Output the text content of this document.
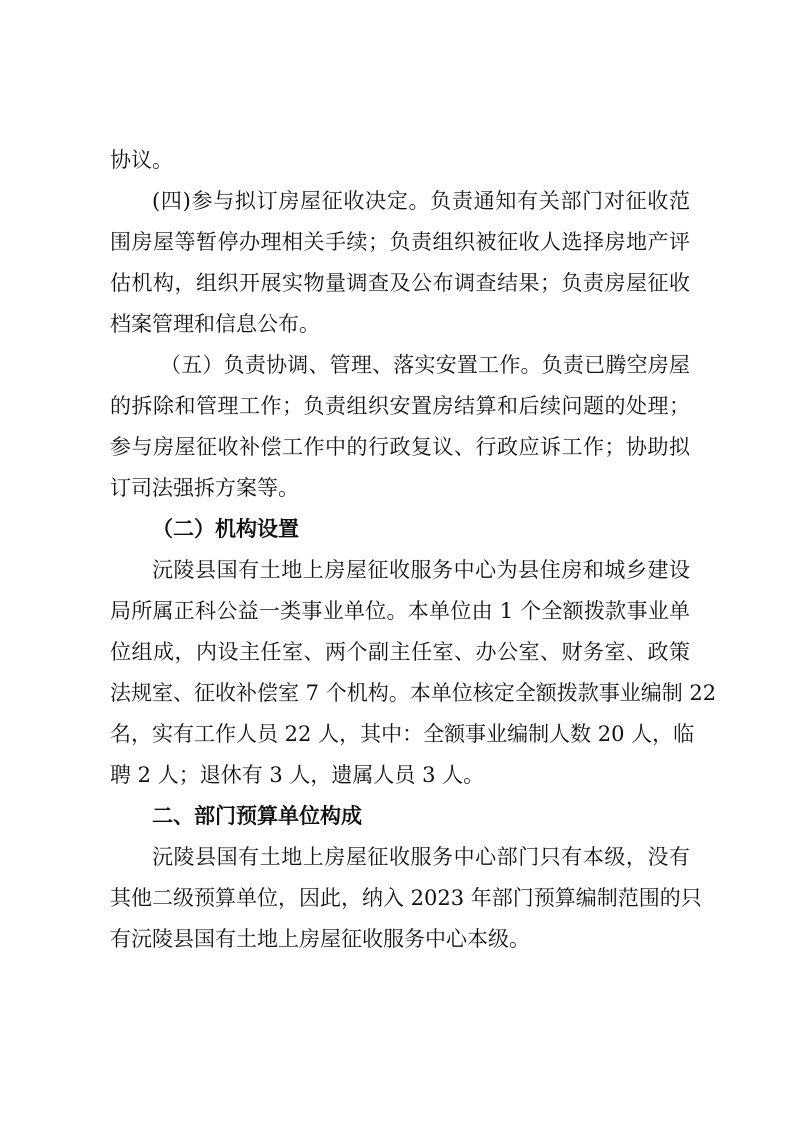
协议。
(四)参与拟订房屋征收决定。负责通知有关部门对征收范
围房屋等暂停办理相关手续；负责组织被征收人选择房地产评
估机构，组织开展实物量调查及公布调查结果；负责房屋征收
档案管理和信息公布。
（五）负责协调、管理、落实安置工作。负责已腾空房屋
的拆除和管理工作；负责组织安置房结算和后续问题的处理；
参与房屋征收补偿工作中的行政复议、行政应诉工作；协助拟
订司法强拆方案等。
（二）机构设置
沅陵县国有土地上房屋征收服务中心为县住房和城乡建设
局所属正科公益一类事业单位。本单位由 1 个全额拨款事业单
位组成，内设主任室、两个副主任室、办公室、财务室、政策
法规室、征收补偿室 7 个机构。本单位核定全额拨款事业编制 22
名，实有工作人员 22 人，其中：全额事业编制人数 20 人，临
聘 2 人；退休有 3 人，遗属人员 3 人。
二、部门预算单位构成
沅陵县国有土地上房屋征收服务中心部门只有本级，没有
其他二级预算单位，因此，纳入 2023 年部门预算编制范围的只
有沅陵县国有土地上房屋征收服务中心本级。
